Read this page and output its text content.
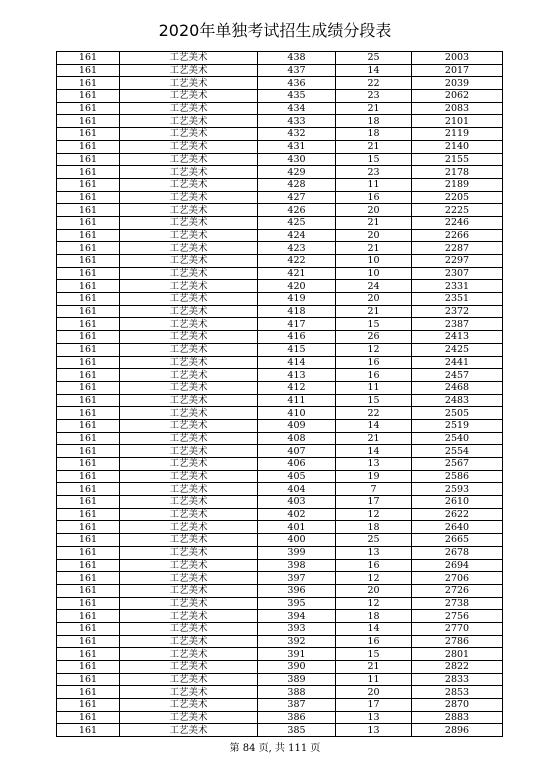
2020年单独考试招生成绩分段表
161	工艺美术	438	25	2003
161	工艺美术	437	14	2017
161	工艺美术	436	22	2039
161	工艺美术	435	23	2062
161	工艺美术	434	21	2083
161	工艺美术	433	18	2101
161	工艺美术	432	18	2119
161	工艺美术	431	21	2140
161	工艺美术	430	15	2155
161	工艺美术	429	23	2178
161	工艺美术	428	11	2189
161	工艺美术	427	16	2205
161	工艺美术	426	20	2225
161	工艺美术	425	21	2246
161	工艺美术	424	20	2266
161	工艺美术	423	21	2287
161	工艺美术	422	10	2297
161	工艺美术	421	10	2307
161	工艺美术	420	24	2331
161	工艺美术	419	20	2351
161	工艺美术	418	21	2372
161	工艺美术	417	15	2387
161	工艺美术	416	26	2413
161	工艺美术	415	12	2425
161	工艺美术	414	16	2441
161	工艺美术	413	16	2457
161	工艺美术	412	11	2468
161	工艺美术	411	15	2483
161	工艺美术	410	22	2505
161	工艺美术	409	14	2519
161	工艺美术	408	21	2540
161	工艺美术	407	14	2554
161	工艺美术	406	13	2567
161	工艺美术	405	19	2586
161	工艺美术	404	7	2593
161	工艺美术	403	17	2610
161	工艺美术	402	12	2622
161	工艺美术	401	18	2640
161	工艺美术	400	25	2665
161	工艺美术	399	13	2678
161	工艺美术	398	16	2694
161	工艺美术	397	12	2706
161	工艺美术	396	20	2726
161	工艺美术	395	12	2738
161	工艺美术	394	18	2756
161	工艺美术	393	14	2770
161	工艺美术	392	16	2786
161	工艺美术	391	15	2801
161	工艺美术	390	21	2822
161	工艺美术	389	11	2833
161	工艺美术	388	20	2853
161	工艺美术	387	17	2870
161	工艺美术	386	13	2883
161	工艺美术	385	13	2896
第 84 页, 共 111 页
